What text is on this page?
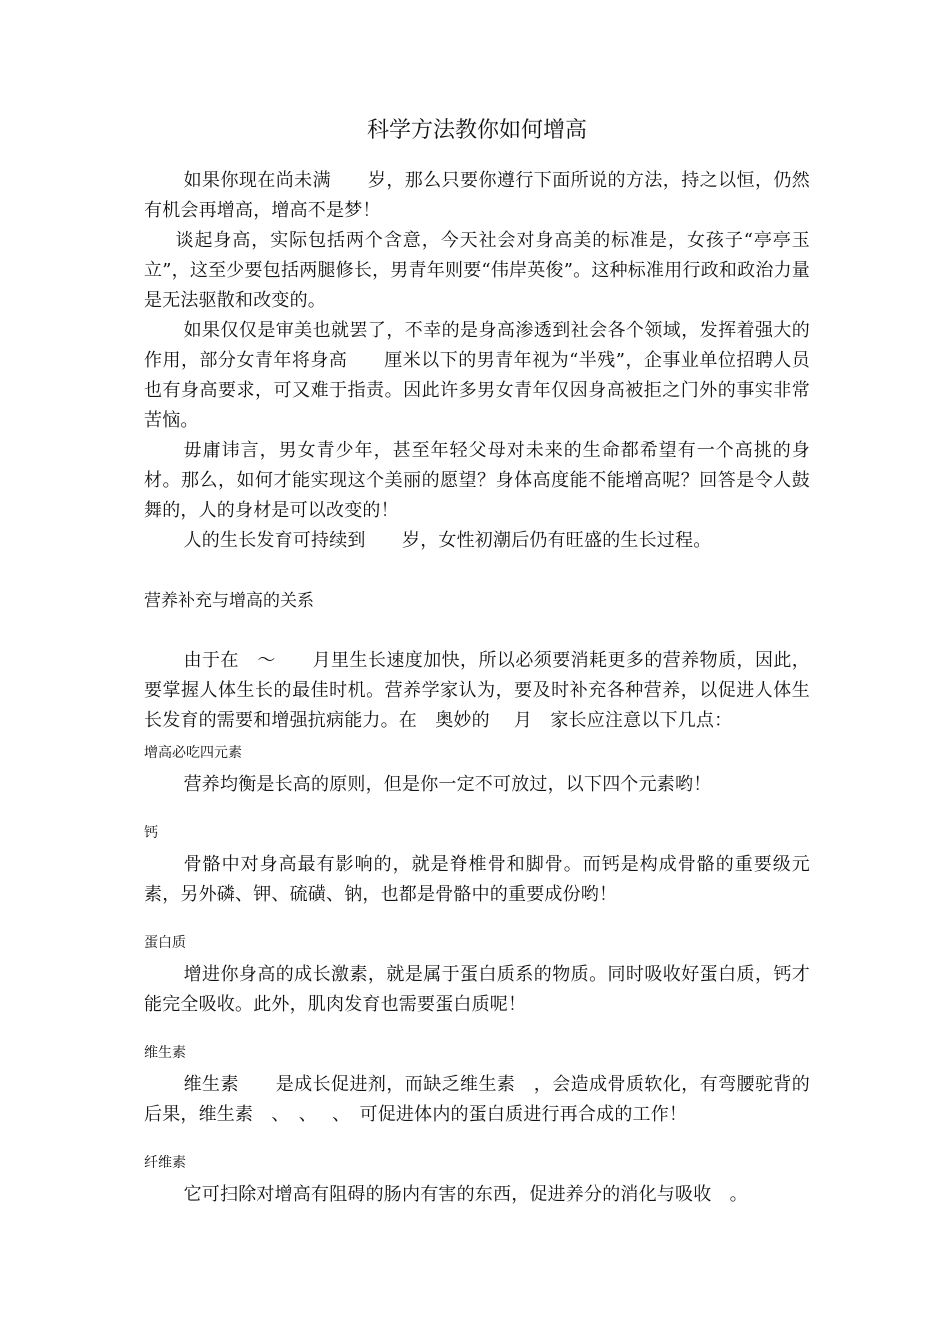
科学方法教你如何增高

如果你现在尚未满　　岁，那么只要你遵行下面所说的方法，持之以恒，仍然有机会再增高，增高不是梦！

谈起身高，实际包括两个含意，今天社会对身高美的标准是，女孩子“亭亭玉立”，这至少要包括两腿修长，男青年则要“伟岸英俊”。这种标准用行政和政治力量是无法驱散和改变的。

如果仅仅是审美也就罢了，不幸的是身高渗透到社会各个领域，发挥着强大的作用，部分女青年将身高　　厘米以下的男青年视为“半残”，企事业单位招聘人员也有身高要求，可又难于指责。因此许多男女青年仅因身高被拒之门外的事实非常苦恼。

毋庸讳言，男女青少年，甚至年轻父母对未来的生命都希望有一个高挑的身材。那么，如何才能实现这个美丽的愿望？身体高度能不能增高呢？回答是令人鼓舞的，人的身材是可以改变的！

人的生长发育可持续到　　岁，女性初潮后仍有旺盛的生长过程。

营养补充与增高的关系

由于在　～　　月里生长速度加快，所以必须要消耗更多的营养物质，因此，要掌握人体生长的最佳时机。营养学家认为，要及时补充各种营养，以促进人体生长发育的需要和增强抗病能力。在　奥妙的　 月　家长应注意以下几点：

增高必吃四元素

营养均衡是长高的原则，但是你一定不可放过，以下四个元素哟！

钙

骨骼中对身高最有影响的，就是脊椎骨和脚骨。而钙是构成骨骼的重要级元素，另外磷、钾、硫磺、钠，也都是骨骼中的重要成份哟！

蛋白质

增进你身高的成长激素，就是属于蛋白质系的物质。同时吸收好蛋白质，钙才能完全吸收。此外，肌肉发育也需要蛋白质呢！

维生素

维生素　　是成长促进剂，而缺乏维生素　，会造成骨质软化，有弯腰驼背的后果，维生素　、　、　 、　可促进体内的蛋白质进行再合成的工作！

纤维素

它可扫除对增高有阻碍的肠内有害的东西，促进养分的消化与吸收　。
